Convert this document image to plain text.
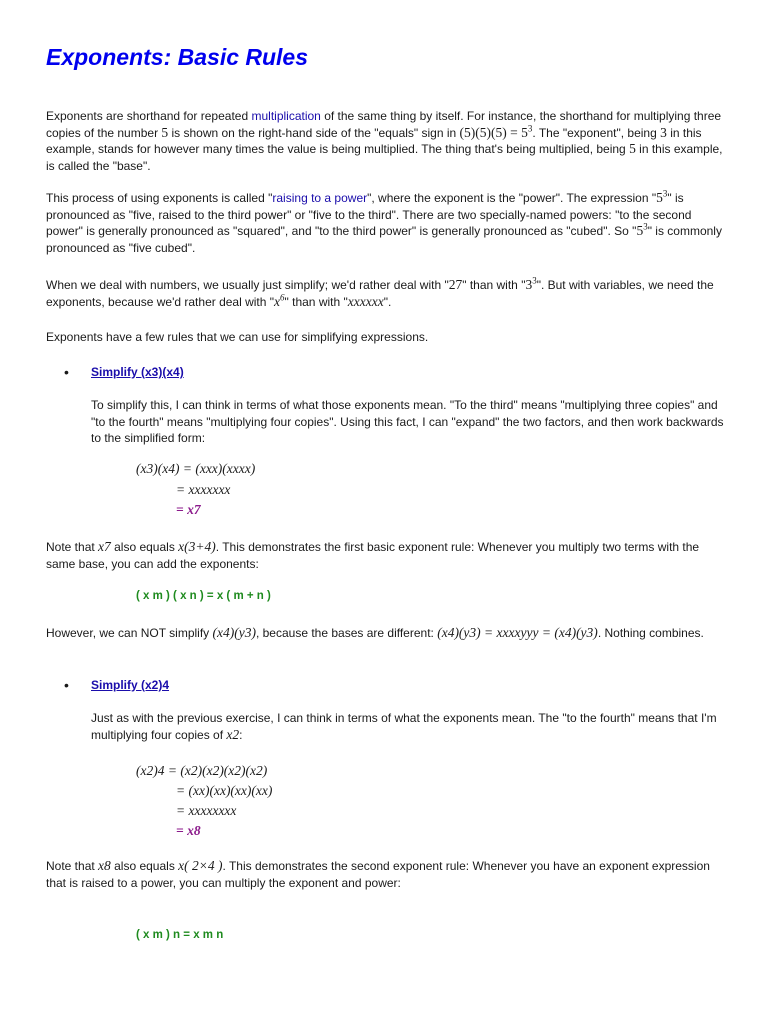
Exponents: Basic Rules
Exponents are shorthand for repeated multiplication of the same thing by itself. For instance, the shorthand for multiplying three copies of the number 5 is shown on the right-hand side of the "equals" sign in $(5)(5)(5) = 5^3$. The "exponent", being 3 in this example, stands for however many times the value is being multiplied. The thing that's being multiplied, being 5 in this example, is called the "base".
This process of using exponents is called "raising to a power", where the exponent is the "power". The expression "$5^3$" is pronounced as "five, raised to the third power" or "five to the third". There are two specially-named powers: "to the second power" is generally pronounced as "squared", and "to the third power" is generally pronounced as "cubed". So "$5^3$" is commonly pronounced as "five cubed".
When we deal with numbers, we usually just simplify; we'd rather deal with "27" than with "$3^3$". But with variables, we need the exponents, because we'd rather deal with "$x^6$" than with "xxxxxx".
Exponents have a few rules that we can use for simplifying expressions.
• Simplify (x3)(x4)
To simplify this, I can think in terms of what those exponents mean. "To the third" means "multiplying three copies" and "to the fourth" means "multiplying four copies". Using this fact, I can "expand" the two factors, and then work backwards to the simplified form:
(x3)(x4) = (xxx)(xxxx)
= xxxxxxx
= x7
Note that x7 also equals x(3+4). This demonstrates the first basic exponent rule: Whenever you multiply two terms with the same base, you can add the exponents:
( x m ) ( x n ) = x ( m + n )
However, we can NOT simplify (x4)(y3), because the bases are different: (x4)(y3) = xxxxyyy = (x4)(y3). Nothing combines.
• Simplify (x2)4
Just as with the previous exercise, I can think in terms of what the exponents mean. The "to the fourth" means that I'm multiplying four copies of x2:
(x2)4 = (x2)(x2)(x2)(x2)
= (xx)(xx)(xx)(xx)
= xxxxxxxx
= x8
Note that x8 also equals x( 2×4 ). This demonstrates the second exponent rule: Whenever you have an exponent expression that is raised to a power, you can multiply the exponent and power:
( x m ) n = x m n
